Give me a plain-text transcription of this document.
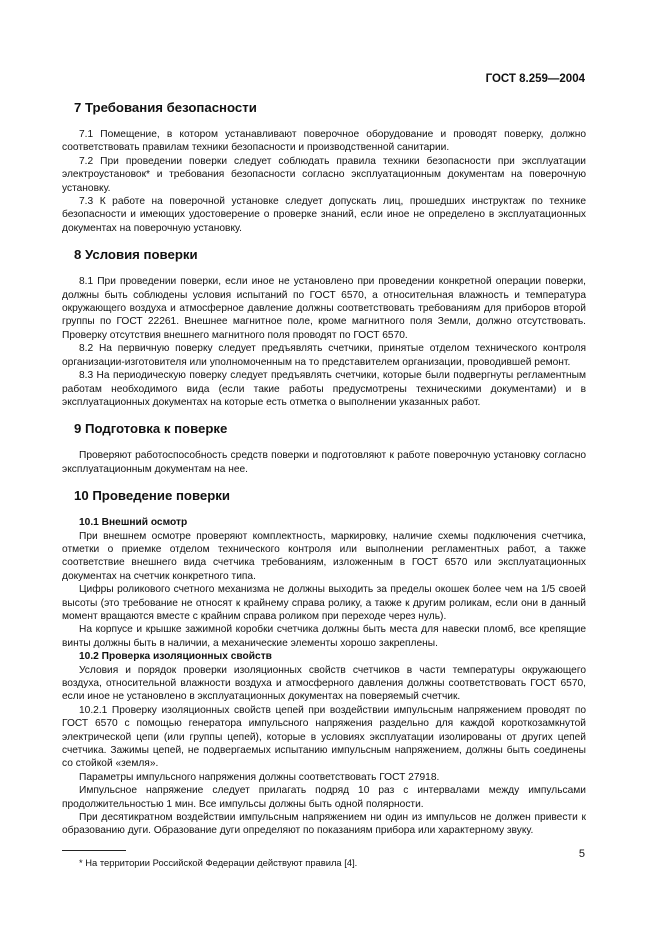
ГОСТ 8.259—2004
7 Требования безопасности

7.1 Помещение, в котором устанавливают поверочное оборудование и проводят поверку, должно соответствовать правилам техники безопасности и производственной санитарии.

7.2 При проведении поверки следует соблюдать правила техники безопасности при эксплуатации электроустановок* и требования безопасности согласно эксплуатационным документам на поверочную установку.

7.3 К работе на поверочной установке следует допускать лиц, прошедших инструктаж по технике безопасности и имеющих удостоверение о проверке знаний, если иное не определено в эксплуатационных документах на поверочную установку.

8 Условия поверки

8.1 При проведении поверки, если иное не установлено при проведении конкретной операции поверки, должны быть соблюдены условия испытаний по ГОСТ 6570, а относительная влажность и температура окружающего воздуха и атмосферное давление должны соответствовать требованиям для приборов второй группы по ГОСТ 22261. Внешнее магнитное поле, кроме магнитного поля Земли, должно отсутствовать. Проверку отсутствия внешнего магнитного поля проводят по ГОСТ 6570.

8.2 На первичную поверку следует предъявлять счетчики, принятые отделом технического контроля организации-изготовителя или уполномоченным на то представителем организации, проводившей ремонт.

8.3 На периодическую поверку следует предъявлять счетчики, которые были подвергнуты регламентным работам необходимого вида (если такие работы предусмотрены техническими документами) и в эксплуатационных документах на которые есть отметка о выполнении указанных работ.

9 Подготовка к поверке

Проверяют работоспособность средств поверки и подготовляют к работе поверочную установку согласно эксплуатационным документам на нее.

10 Проведение поверки
10.1 Внешний осмотр

При внешнем осмотре проверяют комплектность, маркировку, наличие схемы подключения счетчика, отметки о приемке отделом технического контроля или выполнении регламентных работ, а также соответствие внешнего вида счетчика требованиям, изложенным в ГОСТ 6570 или эксплуатационных документах на счетчик конкретного типа.

Цифры роликового счетного механизма не должны выходить за пределы окошек более чем на 1/5 своей высоты (это требование не относят к крайнему справа ролику, а также к другим роликам, если они в данный момент вращаются вместе с крайним справа роликом при переходе через нуль).

На корпусе и крышке зажимной коробки счетчика должны быть места для навески пломб, все крепящие винты должны быть в наличии, а механические элементы хорошо закреплены.

10.2 Проверка изоляционных свойств

Условия и порядок проверки изоляционных свойств счетчиков в части температуры окружающего воздуха, относительной влажности воздуха и атмосферного давления должны соответствовать ГОСТ 6570, если иное не установлено в эксплуатационных документах на поверяемый счетчик.

10.2.1 Проверку изоляционных свойств цепей при воздействии импульсным напряжением проводят по ГОСТ 6570 с помощью генератора импульсного напряжения раздельно для каждой короткозамкнутой электрической цепи (или группы цепей), которые в условиях эксплуатации изолированы от других цепей счетчика. Зажимы цепей, не подвергаемых испытанию импульсным напряжением, должны быть соединены со стойкой «земля».

Параметры импульсного напряжения должны соответствовать ГОСТ 27918.

Импульсное напряжение следует прилагать подряд 10 раз с интервалами между импульсами продолжительностью 1 мин. Все импульсы должны быть одной полярности.

При десятикратном воздействии импульсным напряжением ни один из импульсов не должен привести к образованию дуги. Образование дуги определяют по показаниям прибора или характерному звуку.

* На территории Российской Федерации действуют правила [4].
5
